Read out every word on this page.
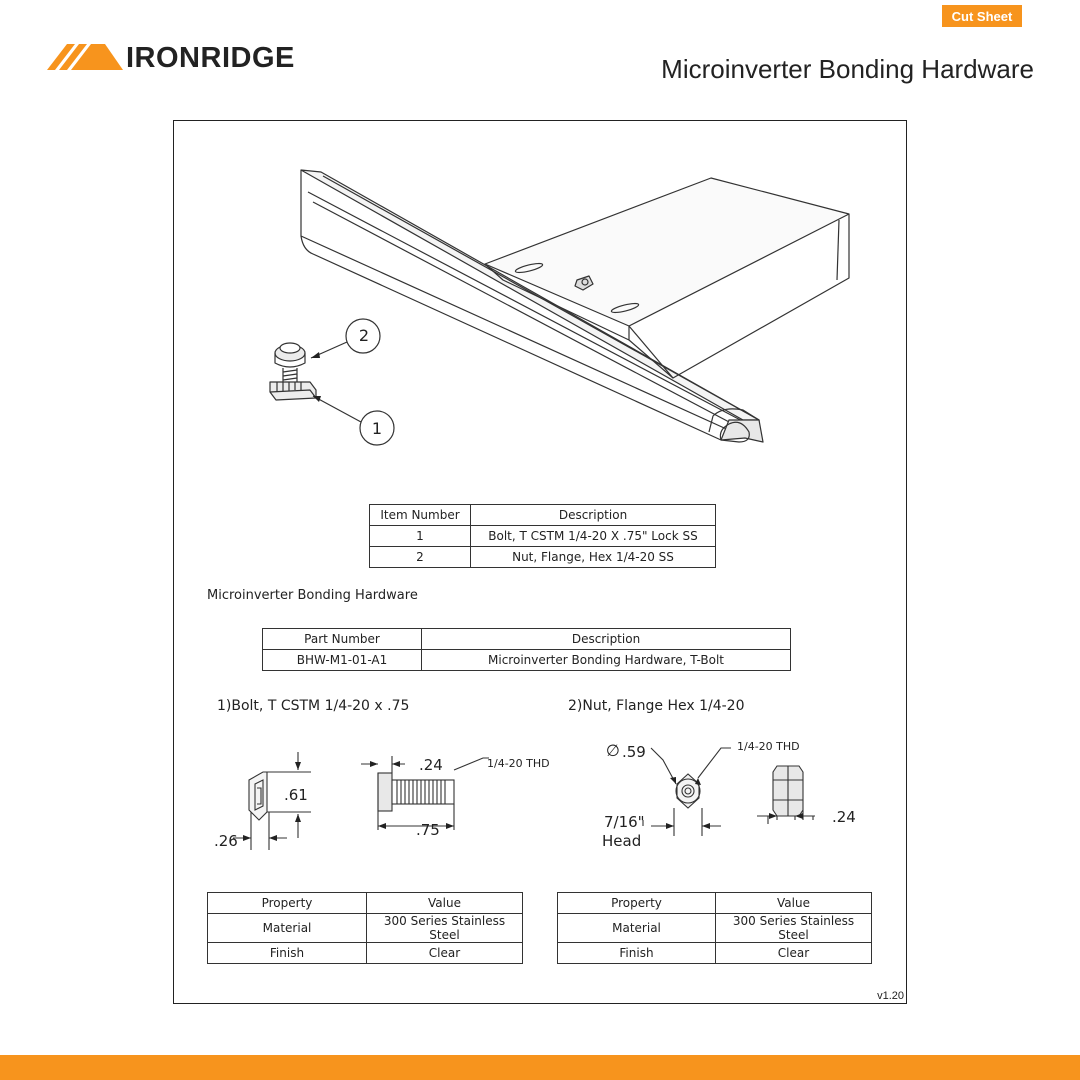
Cut Sheet
IRONRIDGE	Microinverter Bonding Hardware
2
1
Item Number	Description
1	Bolt, T CSTM 1/4-20 X .75" Lock SS
2	Nut, Flange, Hex 1/4-20 SS
Microinverter Bonding Hardware
Part Number	Description
BHW-M1-01-A1	Microinverter Bonding Hardware, T-Bolt
1)Bolt, T CSTM 1/4-20 x .75
.61
.26
.24
.75
1/4-20 THD
2)Nut, Flange Hex 1/4-20
∅ .59	1/4-20 THD
7/16"
Head
.24
Property	Value
Material	300 Series Stainless Steel
Finish	Clear
Property	Value
Material	300 Series Stainless Steel
Finish	Clear
v1.20
